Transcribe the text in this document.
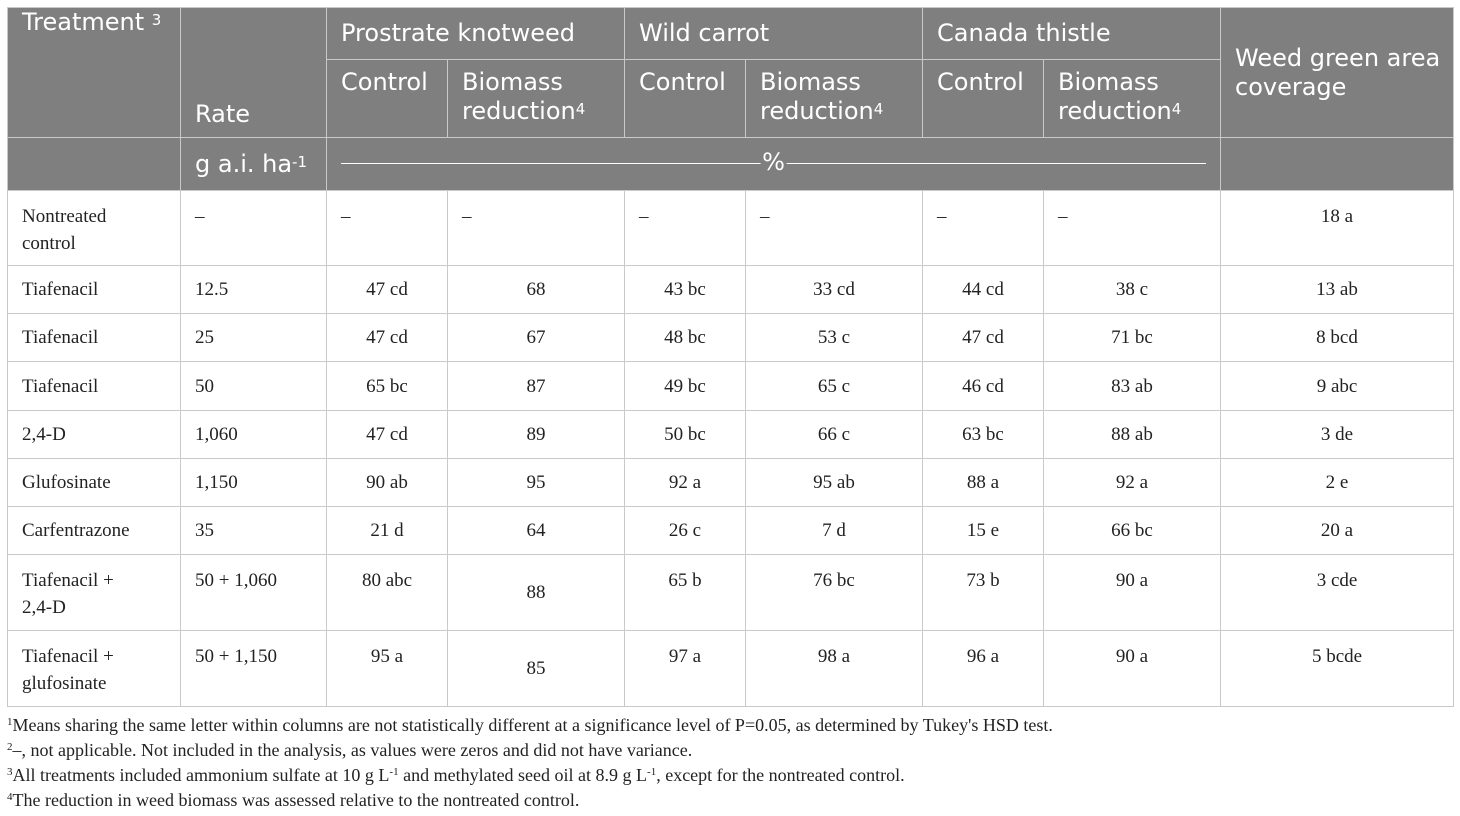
Treatment $^3$	Rate	Prostrate knotweed		Wild carrot		Canada thistle		Weed green area coverage
		Control	Biomass reduction$^4$	Control	Biomass reduction$^4$	Control	Biomass reduction$^4$
	g a.i. $ha^{-1}$	%						

Nontreated control	–	–	–	–	–	–	–	18 a
Tiafenacil	12.5	47 cd	68	43 bc	33 cd	44 cd	38 c	13 ab
Tiafenacil	25	47 cd	67	48 bc	53 c	47 cd	71 bc	8 bcd
Tiafenacil	50	65 bc	87	49 bc	65 c	46 cd	83 ab	9 abc
2,4-D	1,060	47 cd	89	50 bc	66 c	63 bc	88 ab	3 de
Glufosinate	1,150	90 ab	95	92 a	95 ab	88 a	92 a	2 e
Carfentrazone	35	21 d	64	26 c	7 d	15 e	66 bc	20 a
Tiafenacil + 2,4-D	50 + 1,060	80 abc	88	65 b	76 bc	73 b	90 a	3 cde
Tiafenacil + glufosinate	50 + 1,150	95 a	85	97 a	98 a	96 a	90 a	5 bcde
$^1$Means sharing the same letter within columns are not statistically different at a significance level of P=0.05, as determined by Tukey's HSD test.
$^2$–, not applicable. Not included in the analysis, as values were zeros and did not have variance.
$^3$All treatments included ammonium sulfate at 10 g $L^{-1}$ and methylated seed oil at 8.9 g $L^{-1}$, except for the nontreated control.
$^4$The reduction in weed biomass was assessed relative to the nontreated control.
